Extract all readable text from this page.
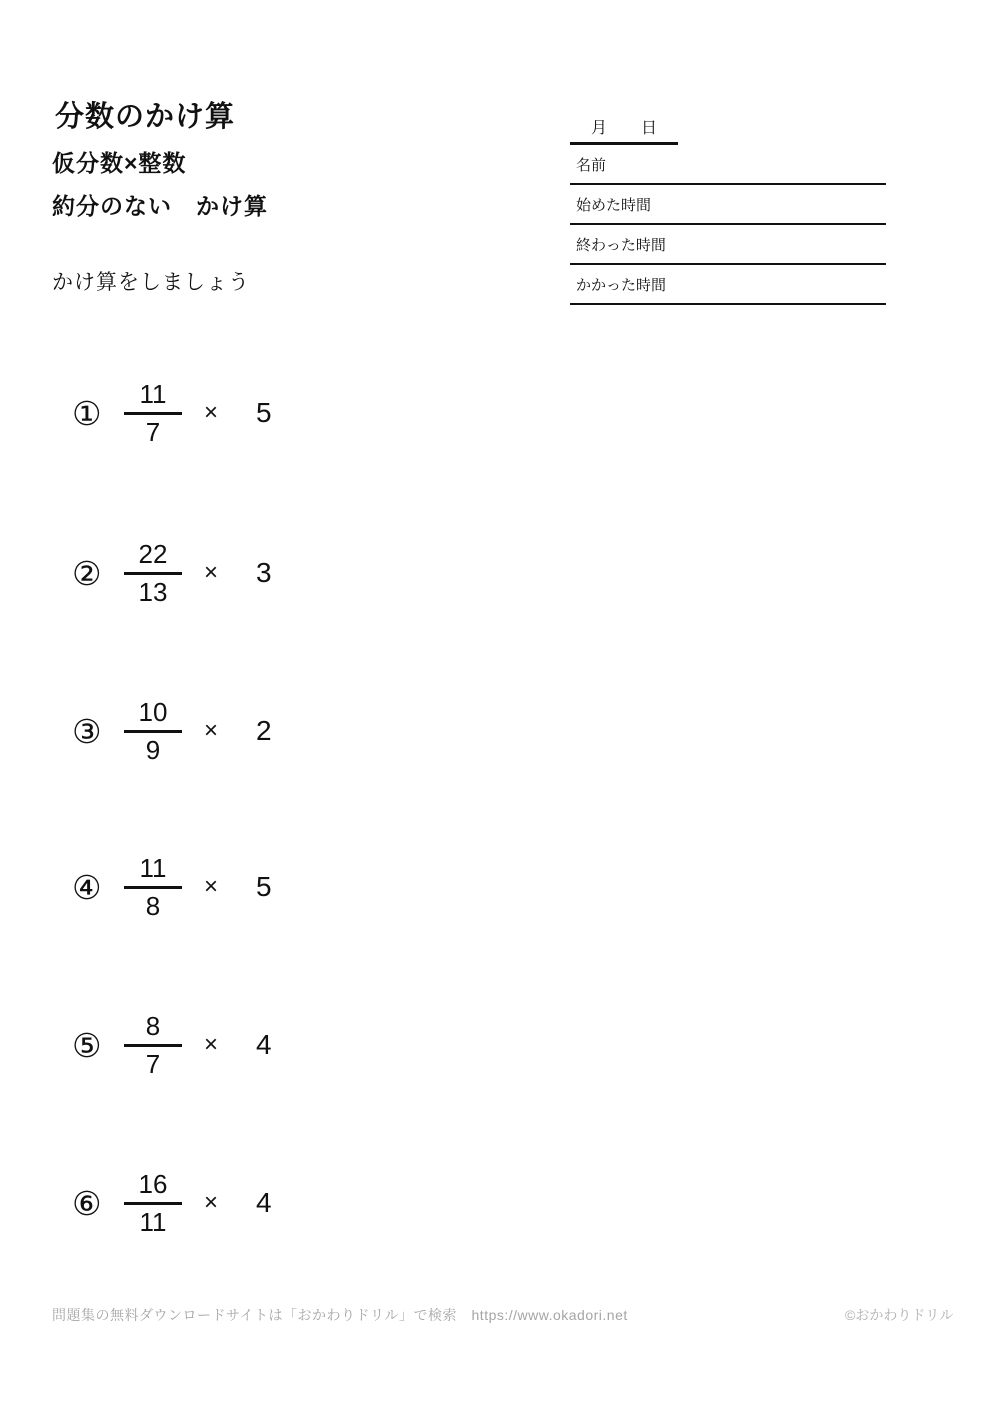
分数のかけ算
仮分数×整数
約分のない　かけ算
かけ算をしましょう
月 日
名前
始めた時間
終わった時間
かかった時間
① $\frac{11}{7} \times 5$
② $\frac{22}{13} \times 3$
③ $\frac{10}{9} \times 2$
④ $\frac{11}{8} \times 5$
⑤ $\frac{8}{7} \times 4$
⑥ $\frac{16}{11} \times 4$
問題集の無料ダウンロードサイトは「おかわりドリル」で検索　https://www.okadori.net	©おかわりドリル
